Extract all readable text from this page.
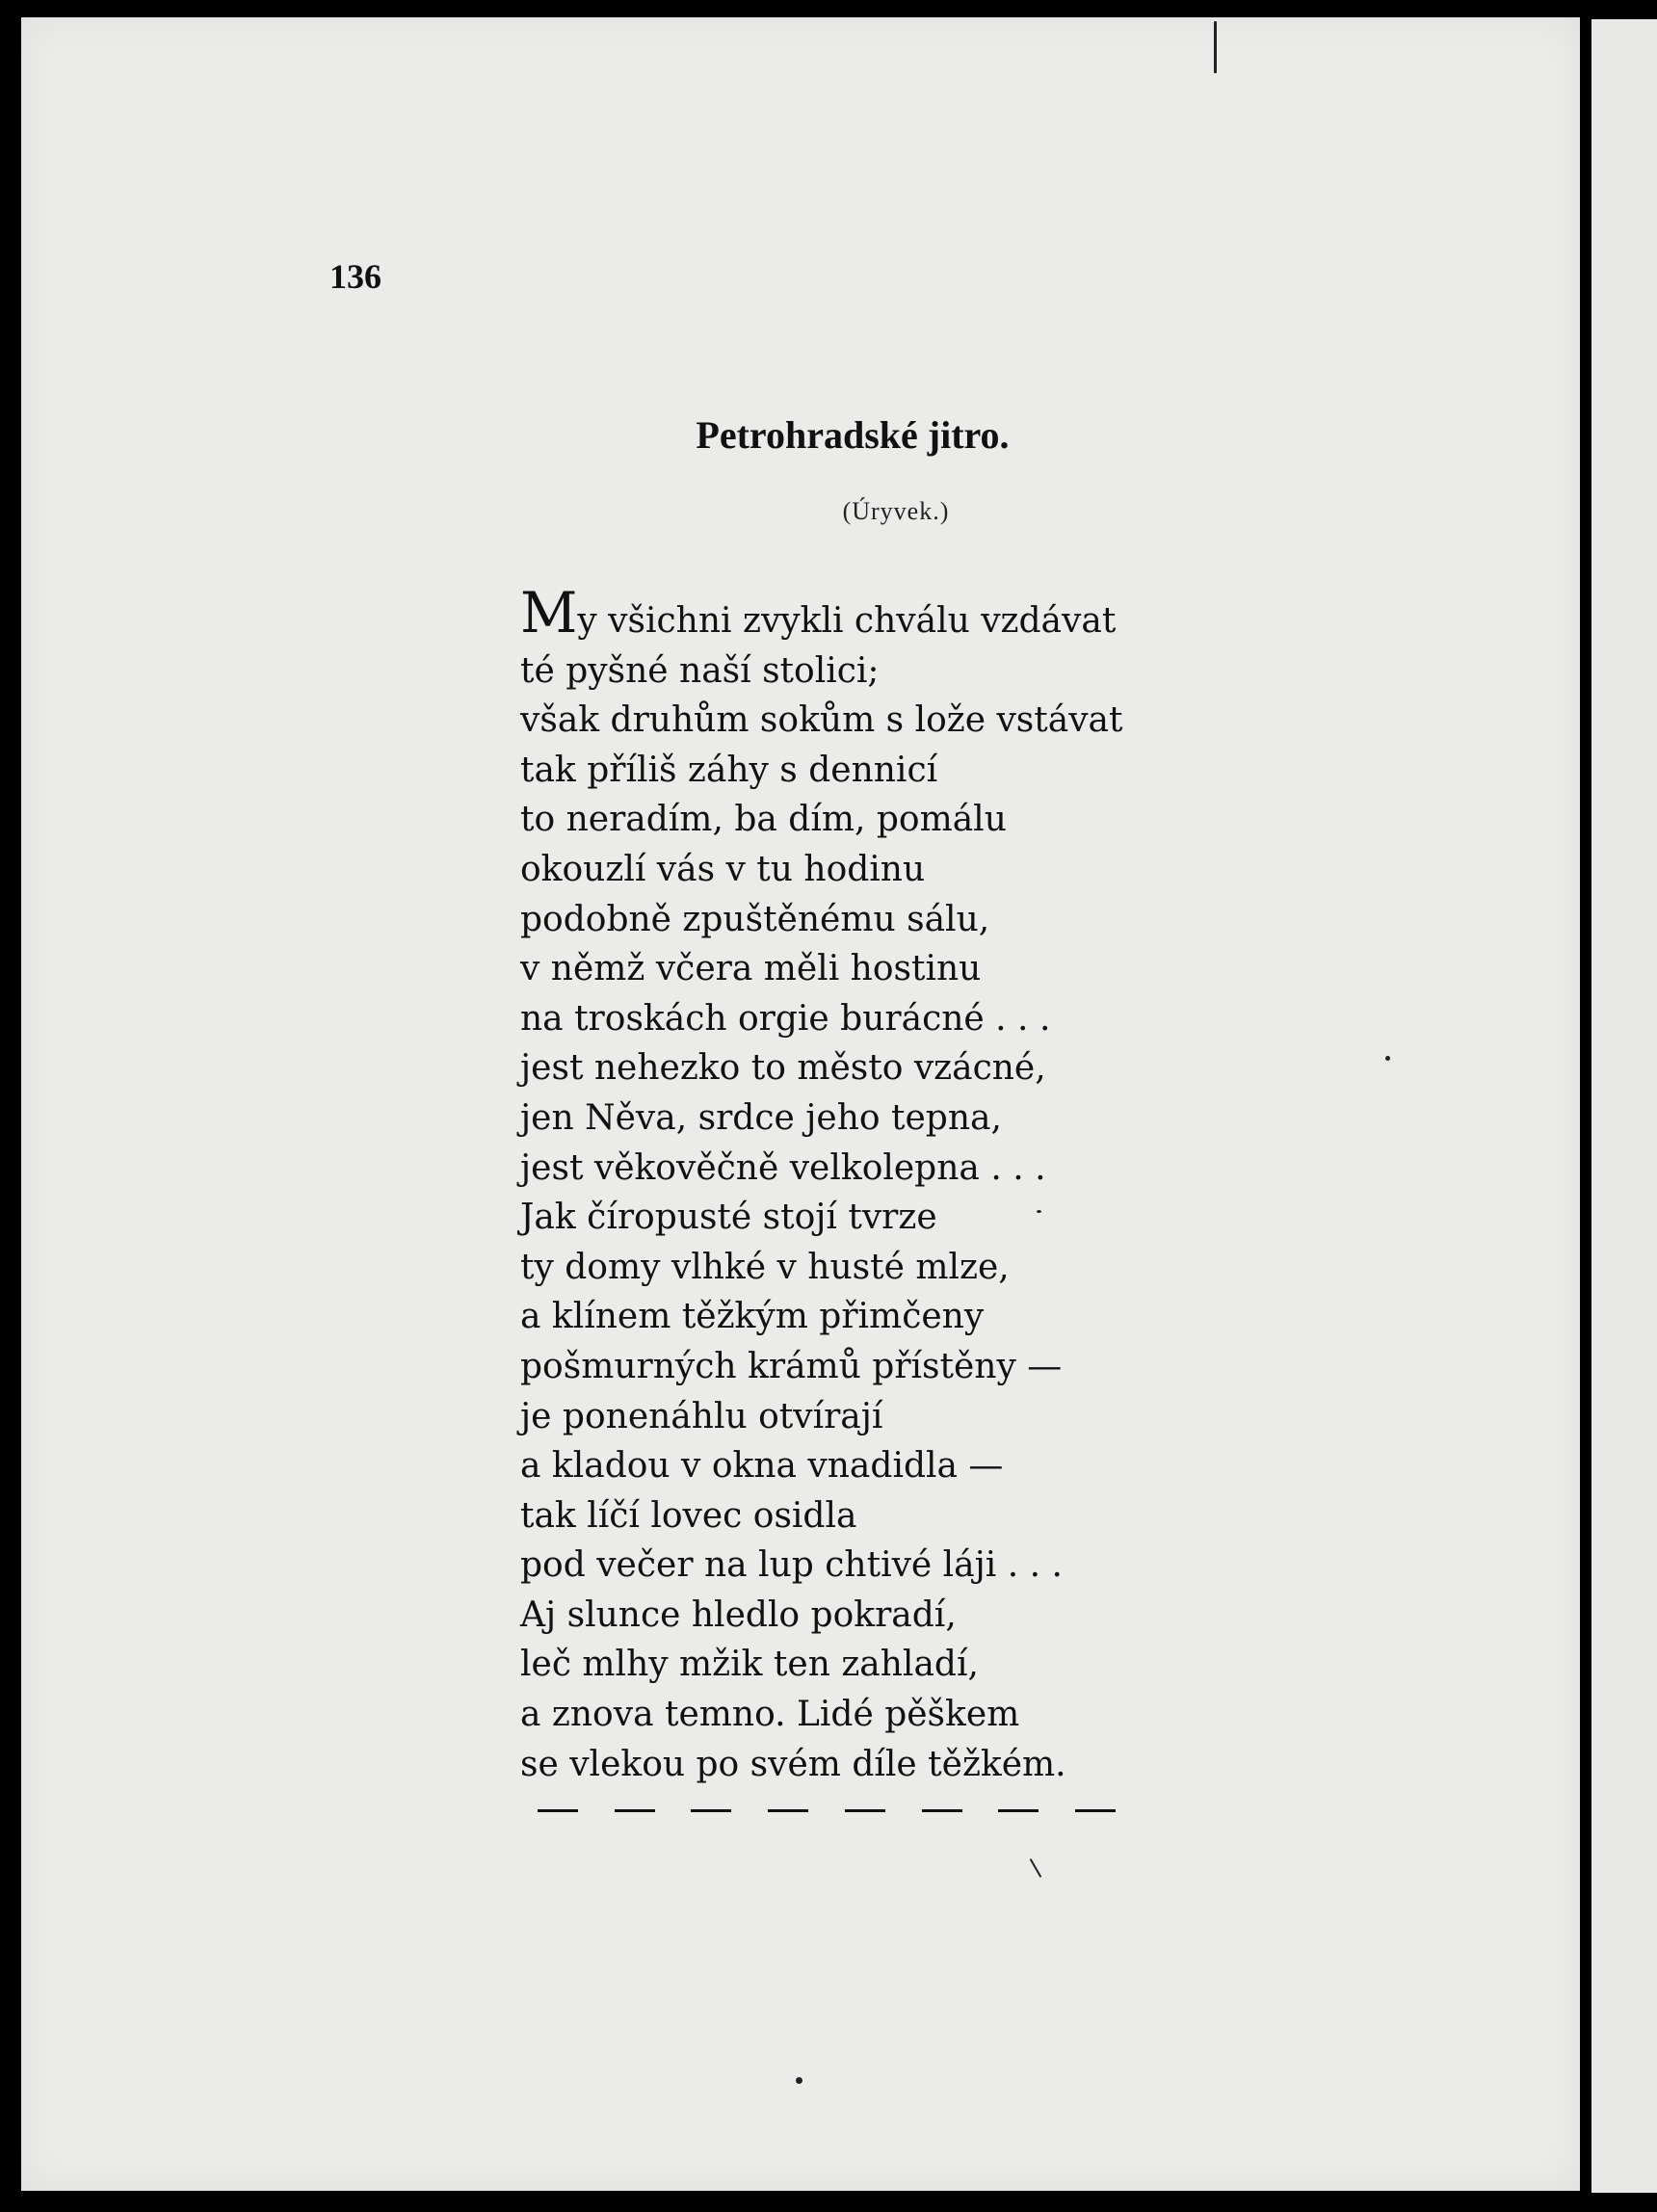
136

Petrohradské jitro.

(Úryvek.)

My všichni zvykli chválu vzdávat
té pyšné naší stolici;
však druhům sokům s lože vstávat
tak příliš záhy s dennicí
to neradím, ba dím, pomálu
okouzlí vás v tu hodinu
podobně zpuštěnému sálu,
v němž včera měli hostinu
na troskách orgie burácné . . .
jest nehezko to město vzácné,
jen Něva, srdce jeho tepna,
jest věkověčně velkolepna . . .
Jak číropusté stojí tvrze
ty domy vlhké v husté mlze,
a klínem těžkým přimčeny
pošmurných krámů přístěny —
je ponenáhlu otvírají
a kladou v okna vnadidla —
tak líčí lovec osidla
pod večer na lup chtivé láji . . .
Aj slunce hledlo pokradí,
leč mlhy mžik ten zahladí,
a znova temno. Lidé pěškem
se vlekou po svém díle těžkém.
